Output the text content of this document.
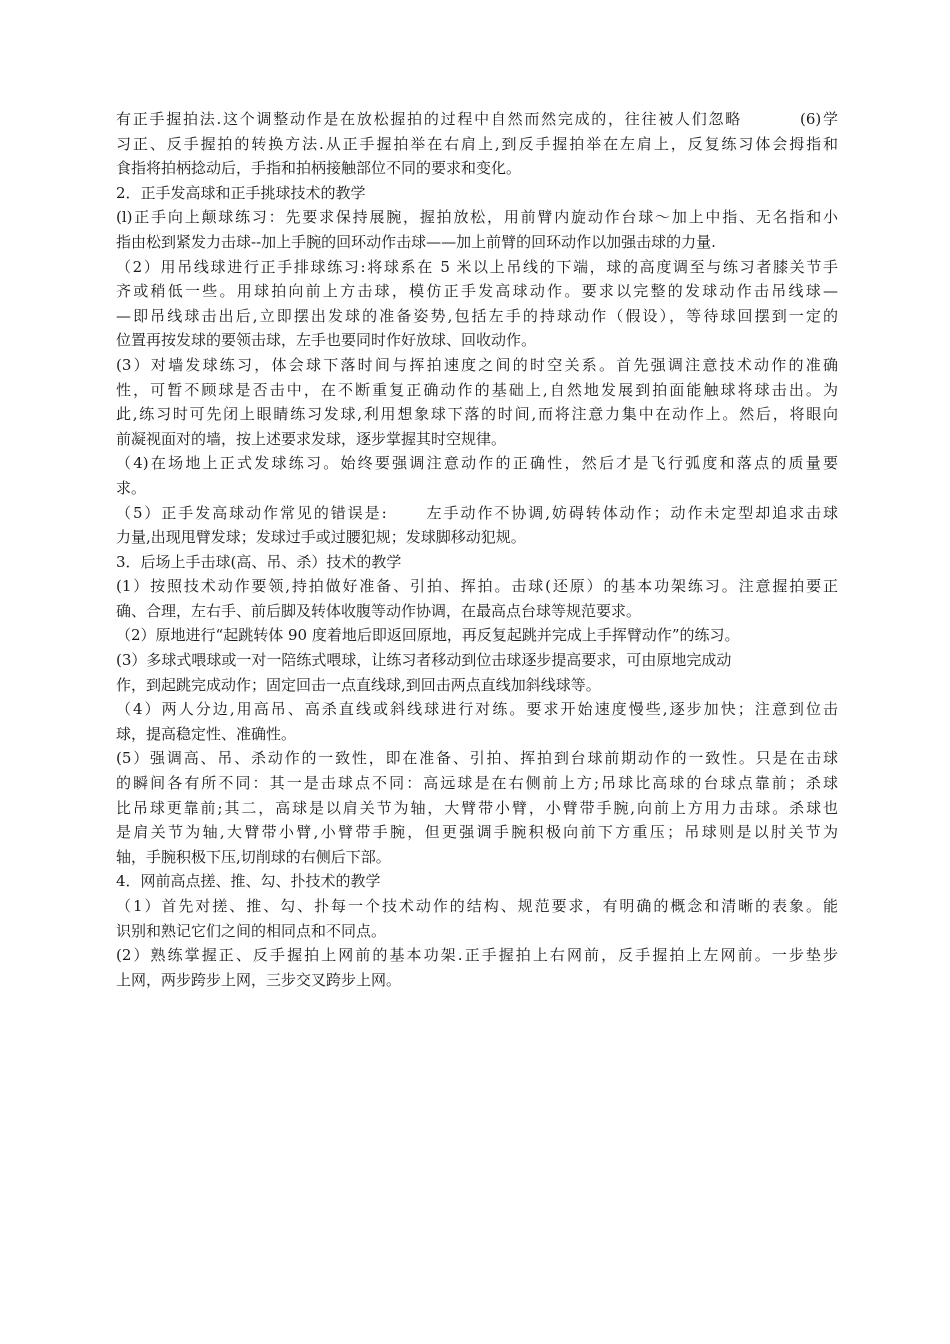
有正手握拍法.这个调整动作是在放松握拍的过程中自然而然完成的，往往被人们忽略	(6)学
习正、反手握拍的转换方法.从正手握拍举在右肩上,到反手握拍举在左肩上，反复练习体会拇指和
食指将拍柄捻动后，手指和拍柄接触部位不同的要求和变化。
2．正手发高球和正手挑球技术的教学
(l)正手向上颠球练习：先要求保持展腕，握拍放松，用前臂内旋动作台球～加上中指、无名指和小
指由松到紧发力击球--加上手腕的回环动作击球——加上前臂的回环动作以加强击球的力量.
（2）用吊线球进行正手排球练习:将球系在 5 米以上吊线的下端，球的高度调至与练习者膝关节手
齐或稍低一些。用球拍向前上方击球，模仿正手发高球动作。要求以完整的发球动作击吊线球—
—即吊线球击出后,立即摆出发球的准备姿势,包括左手的持球动作（假设），等待球回摆到一定的
位置再按发球的要领击球，左手也要同时作好放球、回收动作。
(3）对墙发球练习，体会球下落时间与挥拍速度之间的时空关系。首先强调注意技术动作的准确
性，可暂不顾球是否击中，在不断重复正确动作的基础上,自然地发展到拍面能触球将球击出。为
此,练习时可先闭上眼睛练习发球,利用想象球下落的时间,而将注意力集中在动作上。然后，将眼向
前凝视面对的墙，按上述要求发球，逐步掌握其时空规律。
（4)在场地上正式发球练习。始终要强调注意动作的正确性，然后才是飞行弧度和落点的质量要
求。
（5）正手发高球动作常见的错误是:	左手动作不协调,妨碍转体动作；动作未定型却追求击球
力量,出现甩臂发球；发球过手或过腰犯规；发球脚移动犯规。
3．后场上手击球(高、吊、杀）技术的教学
(1）按照技术动作要领,持拍做好准备、引拍、挥拍。击球(还原）的基本功架练习。注意握拍要正
确、合理，左右手、前后脚及转体收腹等动作协调，在最高点台球等规范要求。
（2）原地进行“起跳转体 90 度着地后即返回原地，再反复起跳并完成上手挥臂动作”的练习。
(3）多球式喂球或一对一陪练式喂球，让练习者移动到位击球逐步提高要求，可由原地完成动
作，到起跳完成动作；固定回击一点直线球,到回击两点直线加斜线球等。
（4）两人分边,用高吊、高杀直线或斜线球进行对练。要求开始速度慢些,逐步加快；注意到位击
球，提高稳定性、准确性。
(5）强调高、吊、杀动作的一致性，即在准备、引拍、挥拍到台球前期动作的一致性。只是在击球
的瞬间各有所不同：其一是击球点不同：高远球是在右侧前上方;吊球比高球的台球点靠前；杀球
比吊球更靠前;其二，高球是以肩关节为轴，大臂带小臂，小臂带手腕,向前上方用力击球。杀球也
是肩关节为轴,大臂带小臂,小臂带手腕，但更强调手腕积极向前下方重压；吊球则是以肘关节为
轴，手腕积极下压,切削球的右侧后下部。
4．网前高点搓、推、勾、扑技术的教学
（1）首先对搓、推、勾、扑每一个技术动作的结构、规范要求，有明确的概念和清晰的表象。能
识别和熟记它们之间的相同点和不同点。
(2）熟练掌握正、反手握拍上网前的基本功架.正手握拍上右网前，反手握拍上左网前。一步垫步
上网，两步跨步上网，三步交叉跨步上网。
